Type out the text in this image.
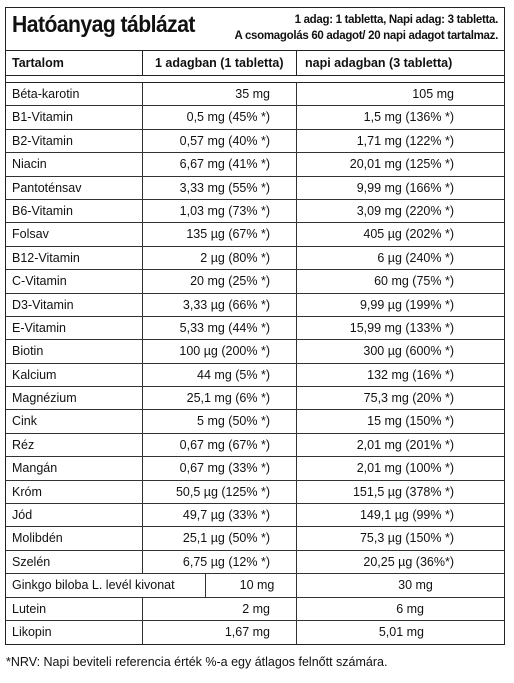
Hatóanyag táblázat	1 adag: 1 tabletta, Napi adag: 3 tabletta.
A csomagolás 60 adagot/ 20 napi adagot tartalmaz.
Tartalom	1 adagban (1 tabletta)	napi adagban (3 tabletta)
Béta-karotin	35 mg	105 mg
B1-Vitamin	0,5 mg (45% *)	1,5 mg (136% *)
B2-Vitamin	0,57 mg (40% *)	1,71 mg (122% *)
Niacin	6,67 mg (41% *)	20,01 mg (125% *)
Pantoténsav	3,33 mg (55% *)	9,99 mg (166% *)
B6-Vitamin	1,03 mg (73% *)	3,09 mg (220% *)
Folsav	135 µg (67% *)	405 µg (202% *)
B12-Vitamin	2 µg (80% *)	6 µg (240% *)
C-Vitamin	20 mg (25% *)	60 mg (75% *)
D3-Vitamin	3,33 µg (66% *)	9,99 µg (199% *)
E-Vitamin	5,33 mg (44% *)	15,99 mg (133% *)
Biotin	100 µg (200% *)	300 µg (600% *)
Kalcium	44 mg (5% *)	132 mg (16% *)
Magnézium	25,1 mg (6% *)	75,3 mg (20% *)
Cink	5 mg (50% *)	15 mg (150% *)
Réz	0,67 mg (67% *)	2,01 mg (201% *)
Mangán	0,67 mg (33% *)	2,01 mg (100% *)
Króm	50,5 µg (125% *)	151,5 µg (378% *)
Jód	49,7 µg (33% *)	149,1 µg (99% *)
Molibdén	25,1 µg (50% *)	75,3 µg (150% *)
Szelén	6,75 µg (12% *)	20,25 µg (36%*)
Ginkgo biloba L. levél kivonat	10 mg	30 mg
Lutein	2 mg	6 mg
Likopin	1,67 mg	5,01 mg
*NRV: Napi beviteli referencia érték %-a egy átlagos felnőtt számára.
